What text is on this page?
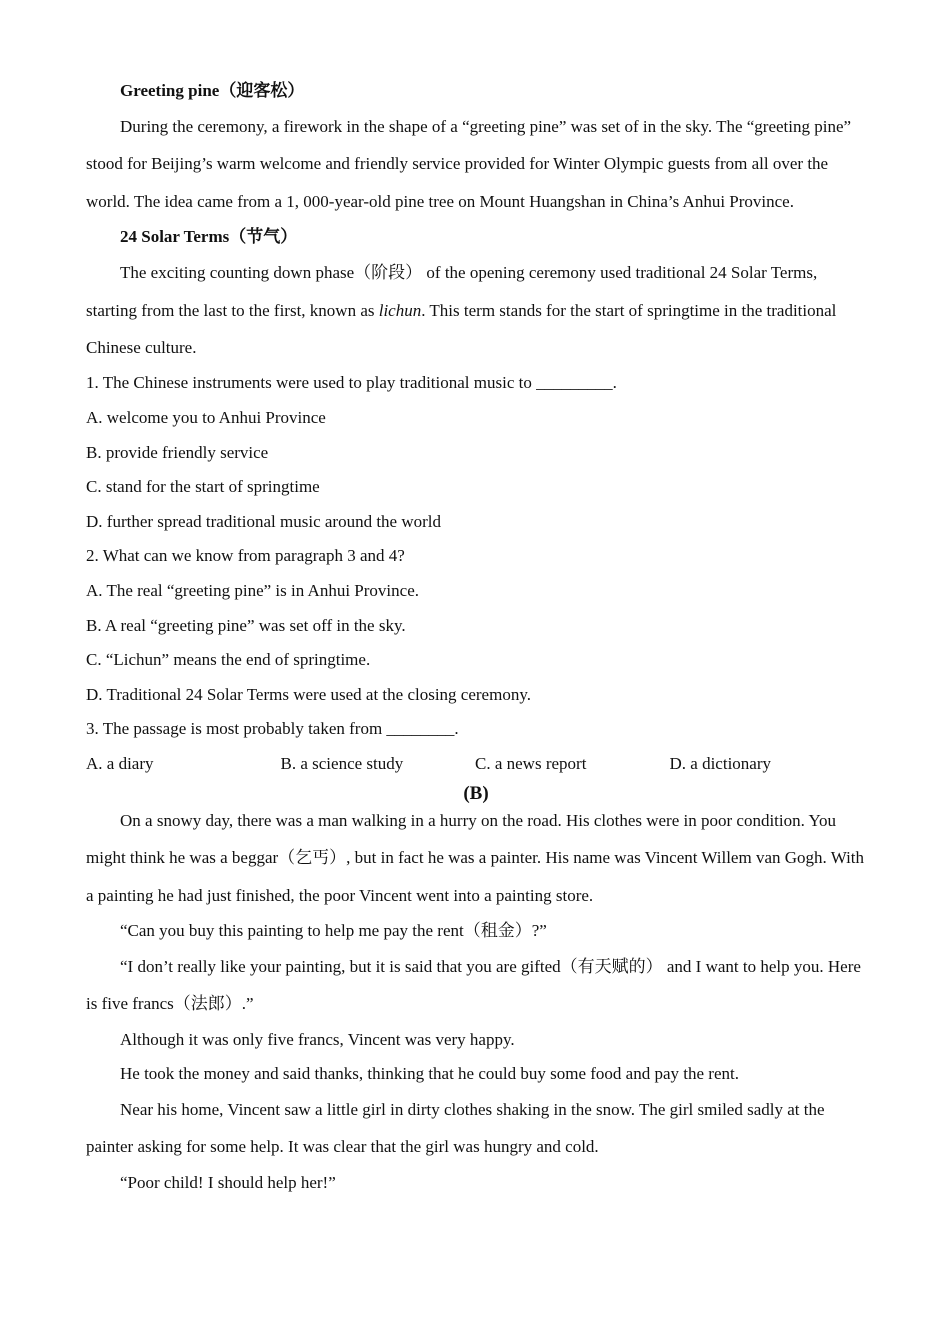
Greeting pine（迎客松）

During the ceremony, a firework in the shape of a “greeting pine” was set of in the sky. The “greeting pine” stood for Beijing’s warm welcome and friendly service provided for Winter Olympic guests from all over the world. The idea came from a 1, 000-year-old pine tree on Mount Huangshan in China’s Anhui Province.

24 Solar Terms（节气）

The exciting counting down phase（阶段） of the opening ceremony used traditional 24 Solar Terms, starting from the last to the first, known as lichun. This term stands for the start of springtime in the traditional Chinese culture.

1. The Chinese instruments were used to play traditional music to _________.

A. welcome you to Anhui Province

B. provide friendly service

C. stand for the start of springtime

D. further spread traditional music around the world

2. What can we know from paragraph 3 and 4?

A. The real “greeting pine” is in Anhui Province.

B. A real “greeting pine” was set off in the sky.

C. “Lichun” means the end of springtime.

D. Traditional 24 Solar Terms were used at the closing ceremony.

3. The passage is most probably taken from ________.

A. a diary	B. a science study	C. a news report	D. a dictionary

(B)

On a snowy day, there was a man walking in a hurry on the road. His clothes were in poor condition. You might think he was a beggar（乞丐）, but in fact he was a painter. His name was Vincent Willem van Gogh. With a painting he had just finished, the poor Vincent went into a painting store.

“Can you buy this painting to help me pay the rent（租金）?”

“I don’t really like your painting, but it is said that you are gifted（有天赋的） and I want to help you. Here is five francs（法郎）.”

Although it was only five francs, Vincent was very happy.

He took the money and said thanks, thinking that he could buy some food and pay the rent.

Near his home, Vincent saw a little girl in dirty clothes shaking in the snow. The girl smiled sadly at the painter asking for some help. It was clear that the girl was hungry and cold.

“Poor child! I should help her!”
